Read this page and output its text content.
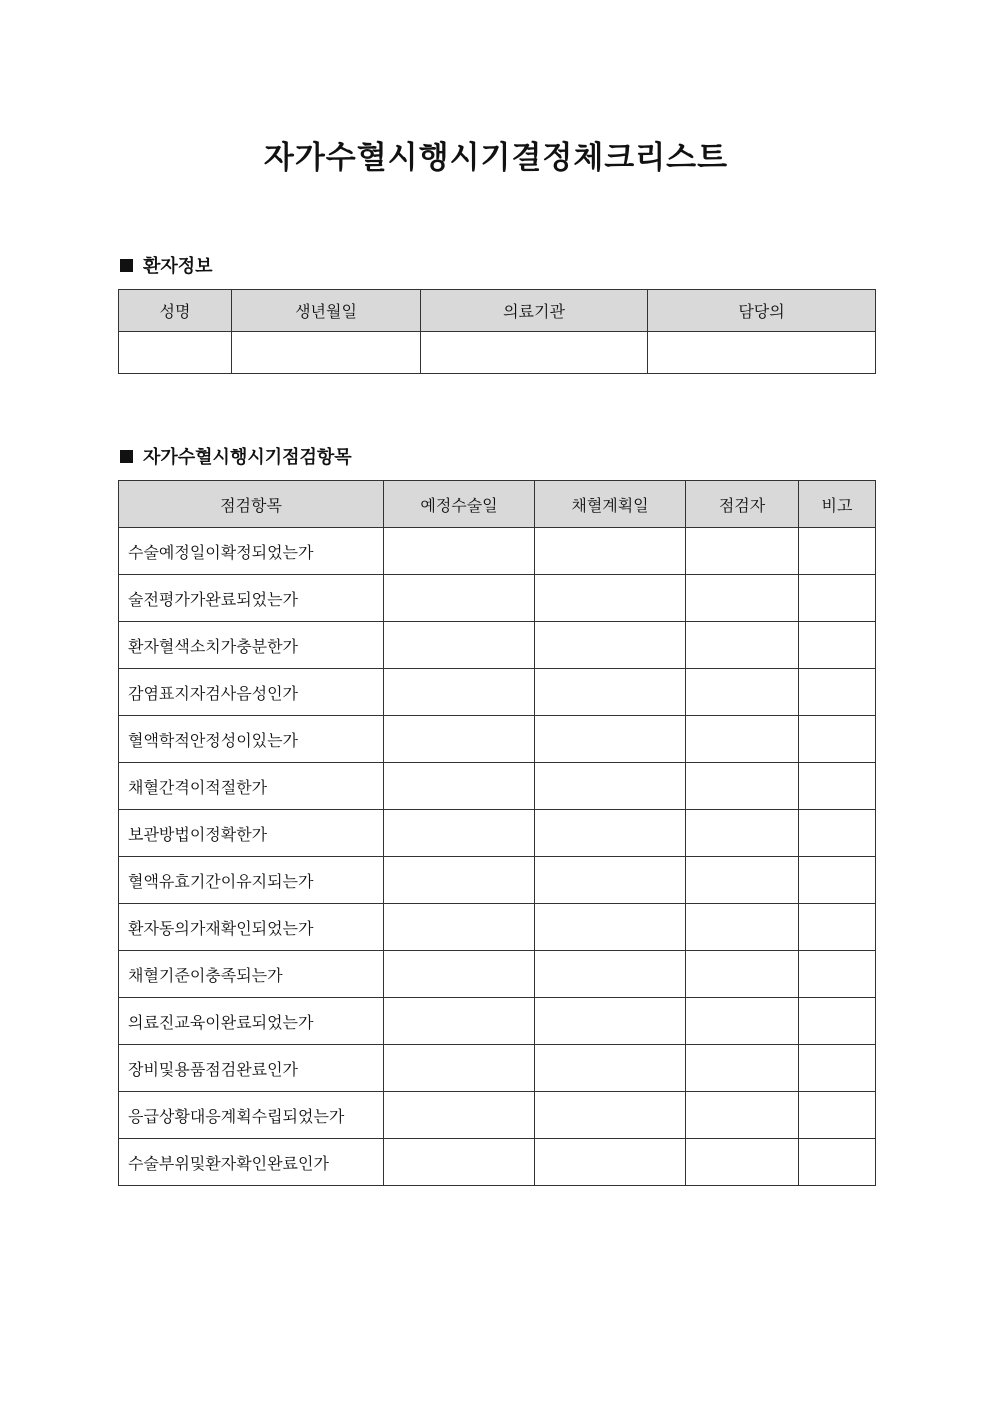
자가수혈시행시기결정체크리스트
환자정보
성명	생년월일	의료기관	담당의

자가수혈시행시기점검항목
점검항목	예정수술일	채혈계획일	점검자	비고
수술예정일이확정되었는가				
술전평가가완료되었는가				
환자혈색소치가충분한가				
감염표지자검사음성인가				
혈액학적안정성이있는가				
채혈간격이적절한가				
보관방법이정확한가				
혈액유효기간이유지되는가				
환자동의가재확인되었는가				
채혈기준이충족되는가				
의료진교육이완료되었는가				
장비및용품점검완료인가				
응급상황대응계획수립되었는가				
수술부위및환자확인완료인가				
